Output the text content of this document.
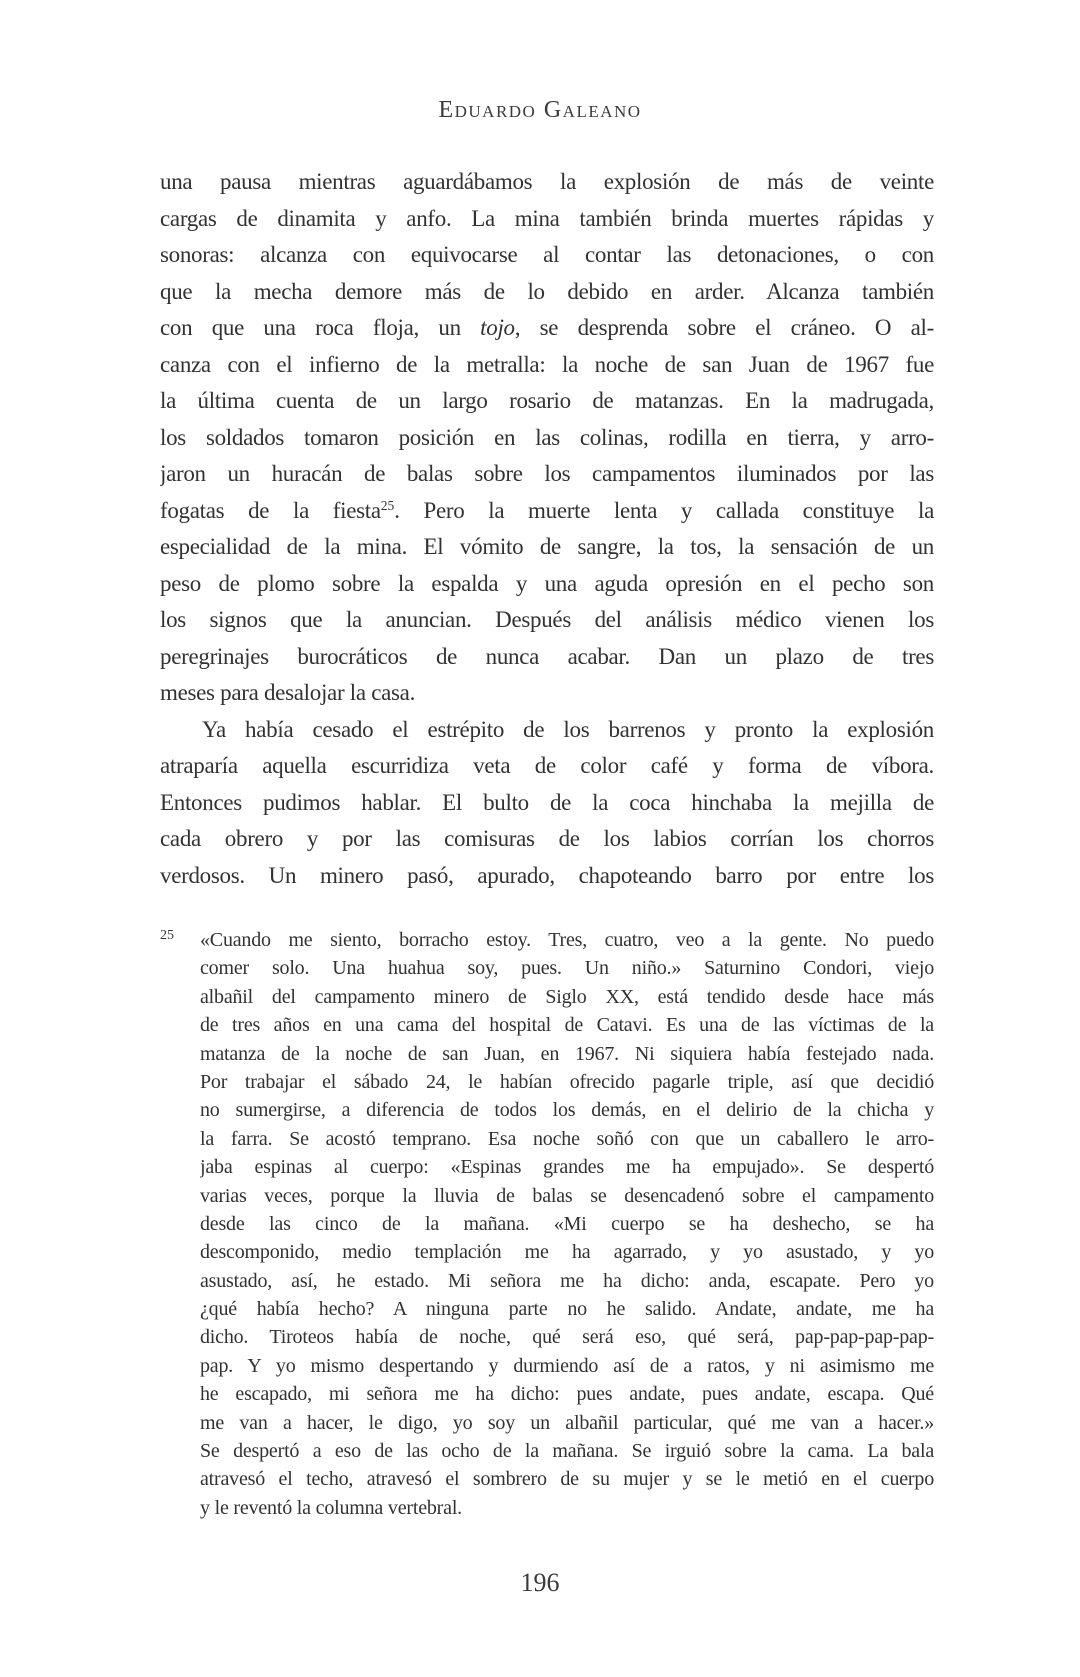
Eduardo Galeano
una pausa mientras aguardábamos la explosión de más de veinte
cargas de dinamita y anfo. La mina también brinda muertes rápidas y
sonoras: alcanza con equivocarse al contar las detonaciones, o con
que la mecha demore más de lo debido en arder. Alcanza también
con que una roca floja, un tojo, se desprenda sobre el cráneo. O al-
canza con el infierno de la metralla: la noche de san Juan de 1967 fue
la última cuenta de un largo rosario de matanzas. En la madrugada,
los soldados tomaron posición en las colinas, rodilla en tierra, y arro-
jaron un huracán de balas sobre los campamentos iluminados por las
fogatas de la fiesta$^{25}$. Pero la muerte lenta y callada constituye la
especialidad de la mina. El vómito de sangre, la tos, la sensación de un
peso de plomo sobre la espalda y una aguda opresión en el pecho son
los signos que la anuncian. Después del análisis médico vienen los
peregrinajes burocráticos de nunca acabar. Dan un plazo de tres
meses para desalojar la casa.
Ya había cesado el estrépito de los barrenos y pronto la explosión
atraparía aquella escurridiza veta de color café y forma de víbora.
Entonces pudimos hablar. El bulto de la coca hinchaba la mejilla de
cada obrero y por las comisuras de los labios corrían los chorros
verdosos. Un minero pasó, apurado, chapoteando barro por entre los
25 «Cuando me siento, borracho estoy. Tres, cuatro, veo a la gente. No puedo
comer solo. Una huahua soy, pues. Un niño.» Saturnino Condori, viejo
albañil del campamento minero de Siglo XX, está tendido desde hace más
de tres años en una cama del hospital de Catavi. Es una de las víctimas de la
matanza de la noche de san Juan, en 1967. Ni siquiera había festejado nada.
Por trabajar el sábado 24, le habían ofrecido pagarle triple, así que decidió
no sumergirse, a diferencia de todos los demás, en el delirio de la chicha y
la farra. Se acostó temprano. Esa noche soñó con que un caballero le arro-
jaba espinas al cuerpo: «Espinas grandes me ha empujado». Se despertó
varias veces, porque la lluvia de balas se desencadenó sobre el campamento
desde las cinco de la mañana. «Mi cuerpo se ha deshecho, se ha
descomponido, medio templación me ha agarrado, y yo asustado, y yo
asustado, así, he estado. Mi señora me ha dicho: anda, escapate. Pero yo
¿qué había hecho? A ninguna parte no he salido. Andate, andate, me ha
dicho. Tiroteos había de noche, qué será eso, qué será, pap-pap-pap-pap-
pap. Y yo mismo despertando y durmiendo así de a ratos, y ni asimismo me
he escapado, mi señora me ha dicho: pues andate, pues andate, escapa. Qué
me van a hacer, le digo, yo soy un albañil particular, qué me van a hacer.»
Se despertó a eso de las ocho de la mañana. Se irguió sobre la cama. La bala
atravesó el techo, atravesó el sombrero de su mujer y se le metió en el cuerpo
y le reventó la columna vertebral.
196
